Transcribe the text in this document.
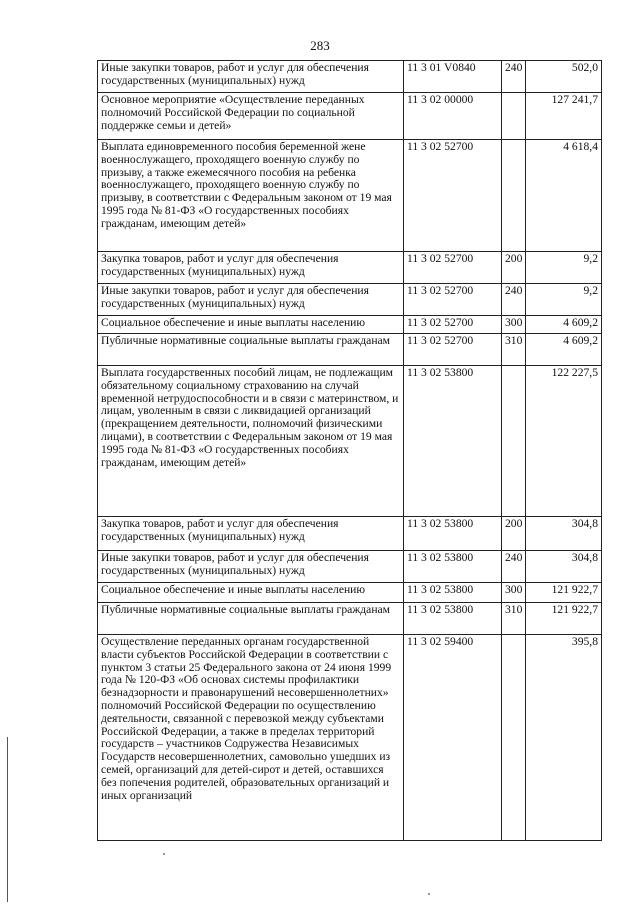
283
Иные закупки товаров, работ и услуг для обеспечения государственных (муниципальных) нужд	11 3 01 V0840	240	502,0
Основное мероприятие «Осуществление переданных полномочий Российской Федерации по социальной поддержке семьи и детей»	11 3 02 00000		127 241,7
Выплата единовременного пособия беременной жене военнослужащего, проходящего военную службу по призыву, а также ежемесячного пособия на ребенка военнослужащего, проходящего военную службу по призыву, в соответствии с Федеральным законом от 19 мая 1995 года № 81-ФЗ «О государственных пособиях гражданам, имеющим детей»	11 3 02 52700		4 618,4
Закупка товаров, работ и услуг для обеспечения государственных (муниципальных) нужд	11 3 02 52700	200	9,2
Иные закупки товаров, работ и услуг для обеспечения государственных (муниципальных) нужд	11 3 02 52700	240	9,2
Социальное обеспечение и иные выплаты населению	11 3 02 52700	300	4 609,2
Публичные нормативные социальные выплаты гражданам	11 3 02 52700	310	4 609,2
Выплата государственных пособий лицам, не подлежащим обязательному социальному страхованию на случай временной нетрудоспособности и в связи с материнством, и лицам, уволенным в связи с ликвидацией организаций (прекращением деятельности, полномочий физическими лицами), в соответствии с Федеральным законом от 19 мая 1995 года № 81-ФЗ «О государственных пособиях гражданам, имеющим детей»	11 3 02 53800		122 227,5
Закупка товаров, работ и услуг для обеспечения государственных (муниципальных) нужд	11 3 02 53800	200	304,8
Иные закупки товаров, работ и услуг для обеспечения государственных (муниципальных) нужд	11 3 02 53800	240	304,8
Социальное обеспечение и иные выплаты населению	11 3 02 53800	300	121 922,7
Публичные нормативные социальные выплаты гражданам	11 3 02 53800	310	121 922,7
Осуществление переданных органам государственной власти субъектов Российской Федерации в соответствии с пунктом 3 статьи 25 Федерального закона от 24 июня 1999 года № 120-ФЗ «Об основах системы профилактики безнадзорности и правонарушений несовершеннолетних» полномочий Российской Федерации по осуществлению деятельности, связанной с перевозкой между субъектами Российской Федерации, а также в пределах территорий государств – участников Содружества Независимых Государств несовершеннолетних, самовольно ушедших из семей, организаций для детей-сирот и детей, оставшихся без попечения родителей, образовательных организаций и иных организаций	11 3 02 59400		395,8
